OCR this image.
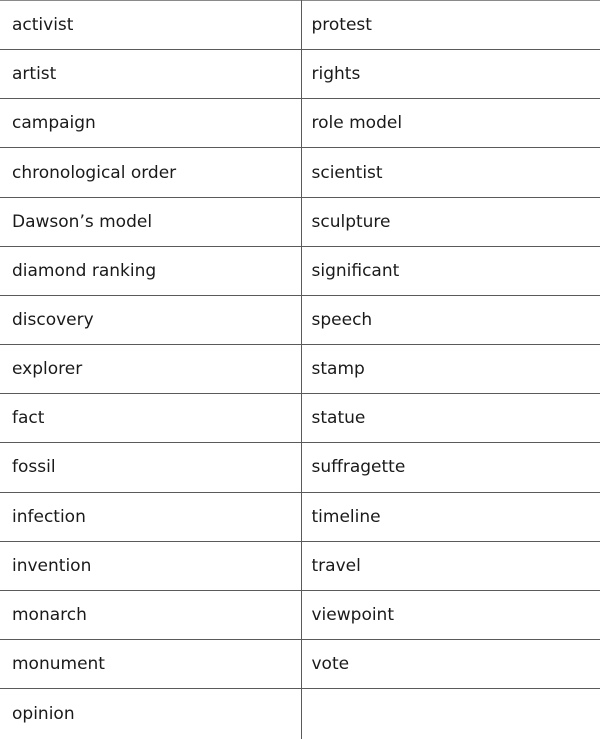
activist	protest
artist	rights
campaign	role model
chronological order	scientist
Dawson’s model	sculpture
diamond ranking	significant
discovery	speech
explorer	stamp
fact	statue
fossil	suffragette
infection	timeline
invention	travel
monarch	viewpoint
monument	vote
opinion	
